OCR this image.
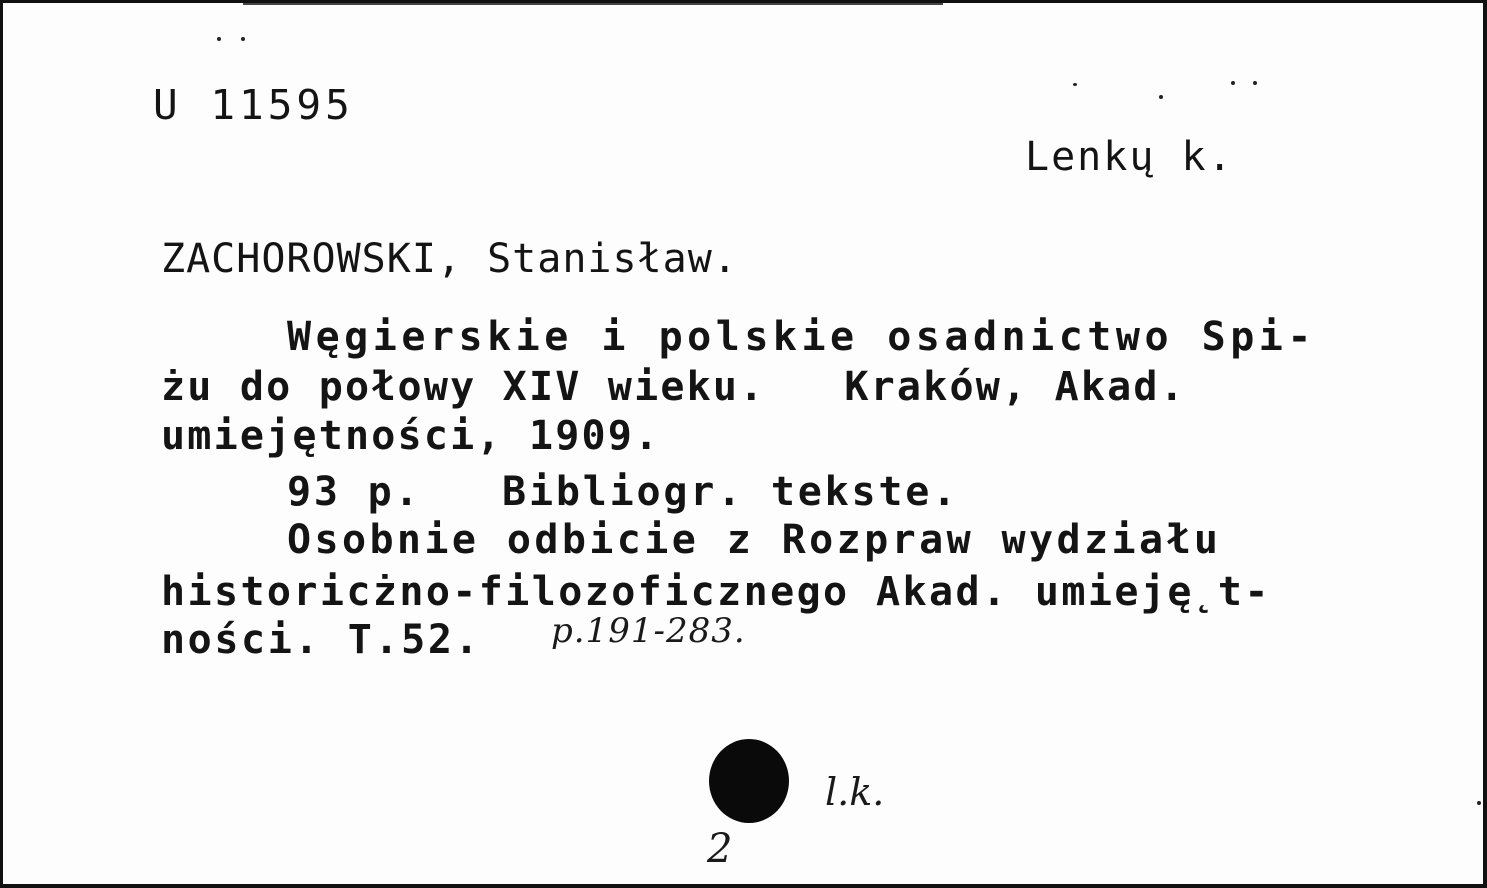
U 11595
Lenkų k.
ZACHOROWSKI, Stanisław.
Węgierskie i polskie osadnictwo Spi-
żu do połowy XIV wieku.   Kraków, Akad.
umiejętności, 1909.
93 p.   Bibliogr. tekste.
Osobnie odbicie z Rozpraw wydziału
historicżno-filozoficznego Akad. umieję̨t-
ności. T.52. p.191-283.
l.k.
2
